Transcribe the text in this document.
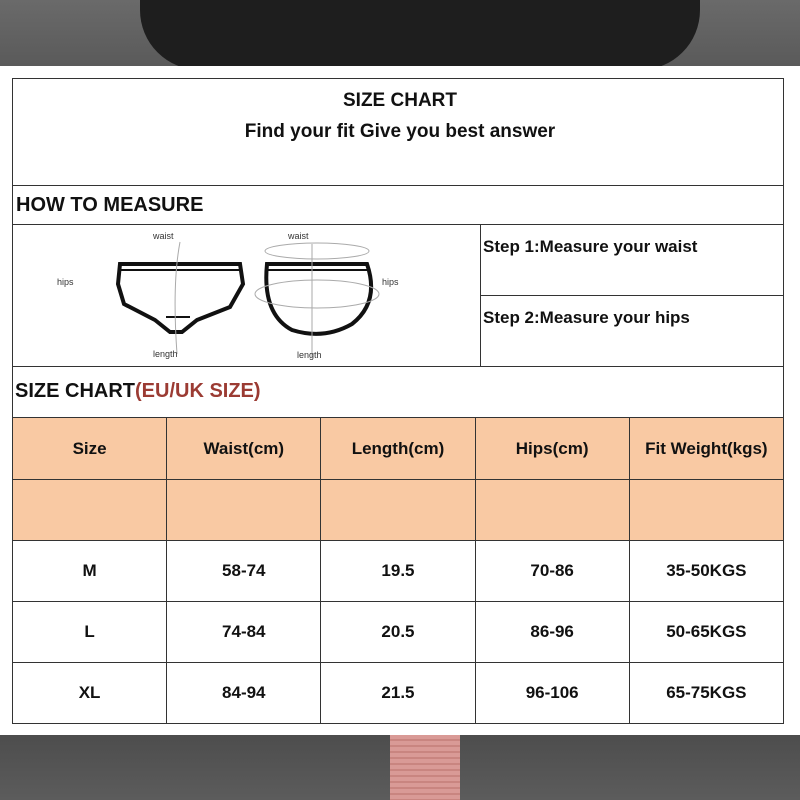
SIZE CHART
Find your fit Give you best answer
HOW TO MEASURE
Step 1:Measure your waist
Step 2:Measure your hips
waist	waist
hips	hips
length	length
SIZE CHART(EU/UK SIZE)
Size	Waist(cm)	Length(cm)	Hips(cm)	Fit Weight(kgs)

M	58-74	19.5	70-86	35-50KGS
L	74-84	20.5	86-96	50-65KGS
XL	84-94	21.5	96-106	65-75KGS
